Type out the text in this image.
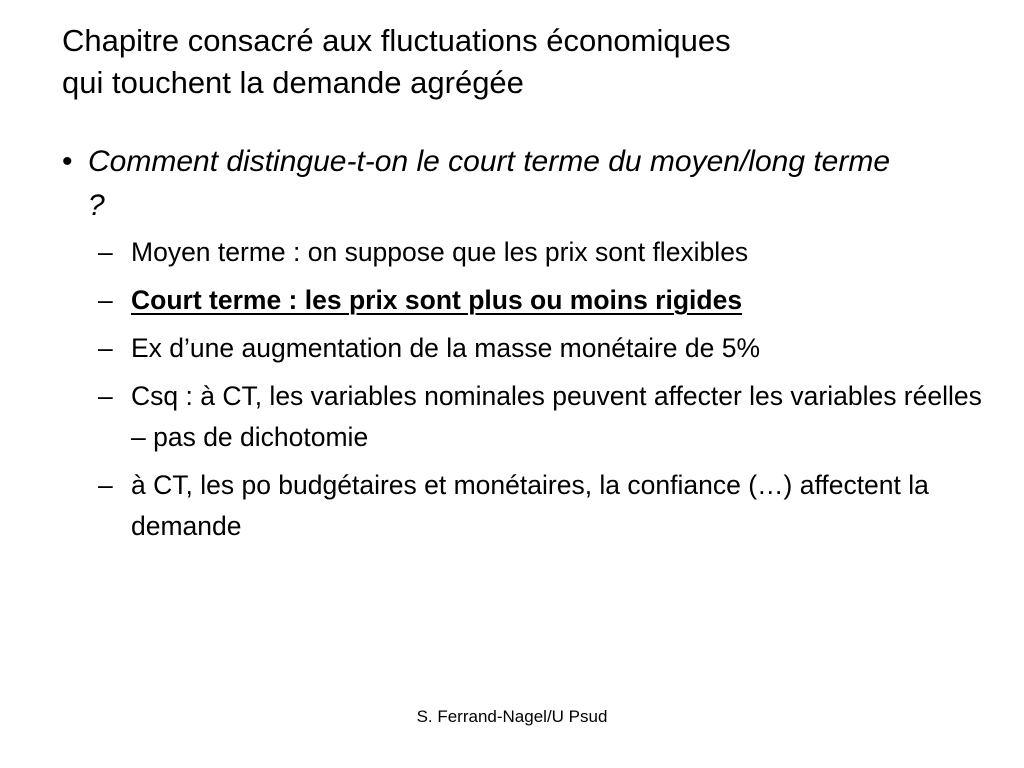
Chapitre consacré aux fluctuations économiques
qui touchent la demande agrégée
• Comment distingue-t-on le court terme du moyen/long terme ?
– Moyen terme : on suppose que les prix sont flexibles
– Court terme : les prix sont plus ou moins rigides
– Ex d’une augmentation de la masse monétaire de 5%
– Csq : à CT, les variables nominales peuvent affecter les variables réelles – pas de dichotomie
– à CT, les po budgétaires et monétaires, la confiance (…) affectent la demande
S. Ferrand-Nagel/U Psud
